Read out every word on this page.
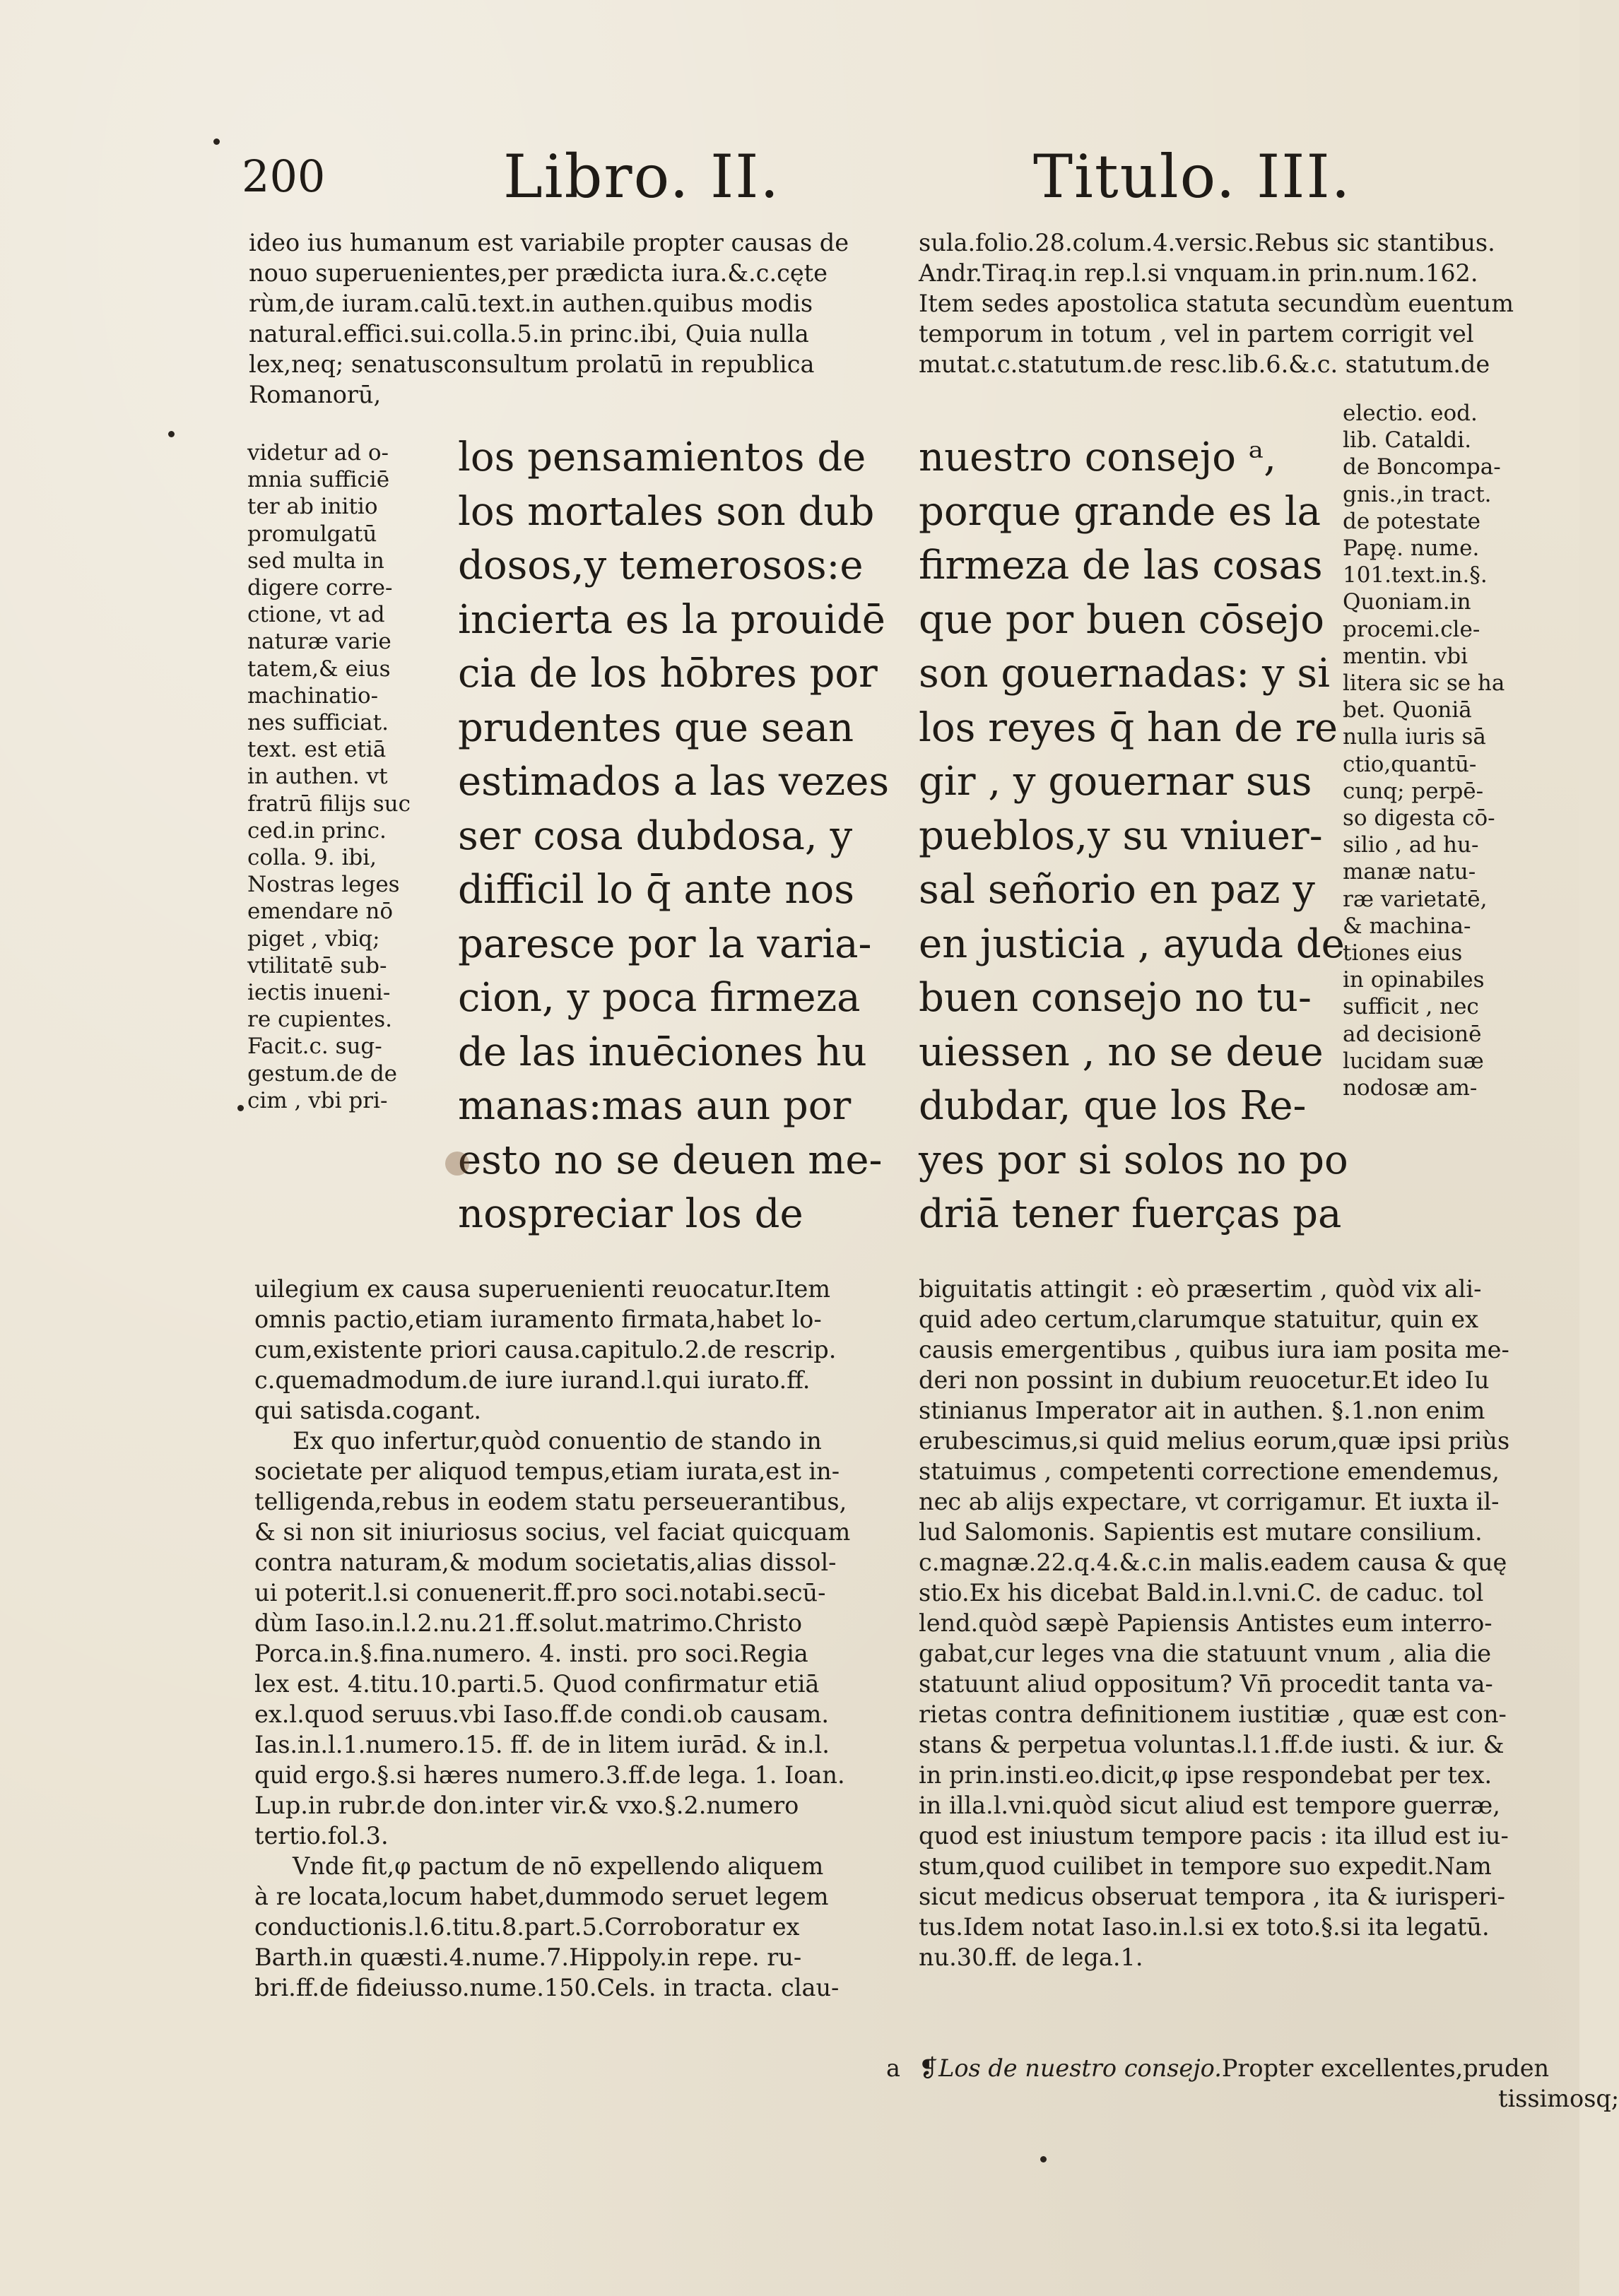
200	Libro. II.	Titulo. III.
ideo ius humanum est variabile propter causas de
nouo superuenientes,per prædicta iura.&.c.cęte
rùm,de iuram.calū.text.in authen.quibus modis
natural.effici.sui.colla.5.in princ.ibi, Quia nulla
lex,neq; senatusconsultum prolatū in republica
Romanorū,
videtur ad o-
mnia sufficiē
ter ab initio
promulgatū
sed multa in
digere corre-
ctione, vt ad
naturæ varie
tatem,& eius
machinatio-
nes sufficiat.
text. est etiā
in authen. vt
fratrū filijs suc
ced.in princ.
colla. 9. ibi,
Nostras leges
emendare nō
piget , vbiq;
vtilitatē sub-
iectis inueni-
re cupientes.
Facit.c. sug-
gestum.de de
cim , vbi pri-
los pensamientos de
los mortales son dub
dosos,y temerosos:e
incierta es la prouidē
cia de los hōbres por
prudentes que sean
estimados a las vezes
ser cosa dubdosa, y
difficil lo q̄ ante nos
paresce por la varia-
cion, y poca firmeza
de las inuēciones hu
manas:mas aun por
esto no se deuen me-
nospreciar los de
uilegium ex causa superuenienti reuocatur.Item
omnis pactio,etiam iuramento firmata,habet lo-
cum,existente priori causa.capitulo.2.de rescrip.
c.quemadmodum.de iure iurand.l.qui iurato.ff.
qui satisda.cogant.
Ex quo infertur,quòd conuentio de stando in
societate per aliquod tempus,etiam iurata,est in-
telligenda,rebus in eodem statu perseuerantibus,
& si non sit iniuriosus socius, vel faciat quicquam
contra naturam,& modum societatis,alias dissol-
ui poterit.l.si conuenerit.ff.pro soci.notabi.secū-
dùm Iaso.in.l.2.nu.21.ff.solut.matrimo.Christo
Porca.in.§.fina.numero. 4. insti. pro soci.Regia
lex est. 4.titu.10.parti.5. Quod confirmatur etiā
ex.l.quod seruus.vbi Iaso.ff.de condi.ob causam.
Ias.in.l.1.numero.15. ff. de in litem iurād. & in.l.
quid ergo.§.si hæres numero.3.ff.de lega. 1. Ioan.
Lup.in rubr.de don.inter vir.& vxo.§.2.numero
tertio.fol.3.
Vnde fit,φ pactum de nō expellendo aliquem
à re locata,locum habet,dummodo seruet legem
conductionis.l.6.titu.8.part.5.Corroboratur ex
Barth.in quæsti.4.nume.7.Hippoly.in repe. ru-
bri.ff.de fideiusso.nume.150.Cels. in tracta. clau-
sula.folio.28.colum.4.versic.Rebus sic stantibus.
Andr.Tiraq.in rep.l.si vnquam.in prin.num.162.
Item sedes apostolica statuta secundùm euentum
temporum in totum , vel in partem corrigit vel
mutat.c.statutum.de resc.lib.6.&.c. statutum.de
nuestro consejo ᵃ,
porque grande es la
firmeza de las cosas
que por buen cōsejo
son gouernadas: y si
los reyes q̄ han de re
gir , y gouernar sus
pueblos,y su vniuer-
sal señorio en paz y
en justicia , ayuda de
buen consejo no tu-
uiessen , no se deue
dubdar, que los Re-
yes por si solos no po
driā tener fuerças pa
electio. eod.
lib. Cataldi.
de Boncompa-
gnis.,in tract.
de potestate
Papę. nume.
101.text.in.§.
Quoniam.in
procemi.cle-
mentin. vbi
litera sic se ha
bet. Quoniā
nulla iuris sā
ctio,quantū-
cunq; perpē-
so digesta cō-
silio , ad hu-
manæ natu-
ræ varietatē,
& machina-
tiones eius
in opinabiles
sufficit , nec
ad decisionē
lucidam suæ
nodosæ am-
biguitatis attingit : eò præsertim , quòd vix ali-
quid adeo certum,clarumque statuitur, quin ex
causis emergentibus , quibus iura iam posita me-
deri non possint in dubium reuocetur.Et ideo Iu
stinianus Imperator ait in authen. §.1.non enim
erubescimus,si quid melius eorum,quæ ipsi priùs
statuimus , competenti correctione emendemus,
nec ab alijs expectare, vt corrigamur. Et iuxta il-
lud Salomonis. Sapientis est mutare consilium.
c.magnæ.22.q.4.&.c.in malis.eadem causa & quę
stio.Ex his dicebat Bald.in.l.vni.C. de caduc. tol
lend.quòd sæpè Papiensis Antistes eum interro-
gabat,cur leges vna die statuunt vnum , alia die
statuunt aliud oppositum? Vn̄ procedit tanta va-
rietas contra definitionem iustitiæ , quæ est con-
stans & perpetua voluntas.l.1.ff.de iusti. & iur. &
in prin.insti.eo.dicit,φ ipse respondebat per tex.
in illa.l.vni.quòd sicut aliud est tempore guerræ,
quod est iniustum tempore pacis : ita illud est iu-
stum,quod cuilibet in tempore suo expedit.Nam
sicut medicus obseruat tempora , ita & iurisperi-
tus.Idem notat Iaso.in.l.si ex toto.§.si ita legatū.
nu.30.ff. de lega.1.
a ❡Los de nuestro consejo.Propter excellentes,pruden
tissimosq;
